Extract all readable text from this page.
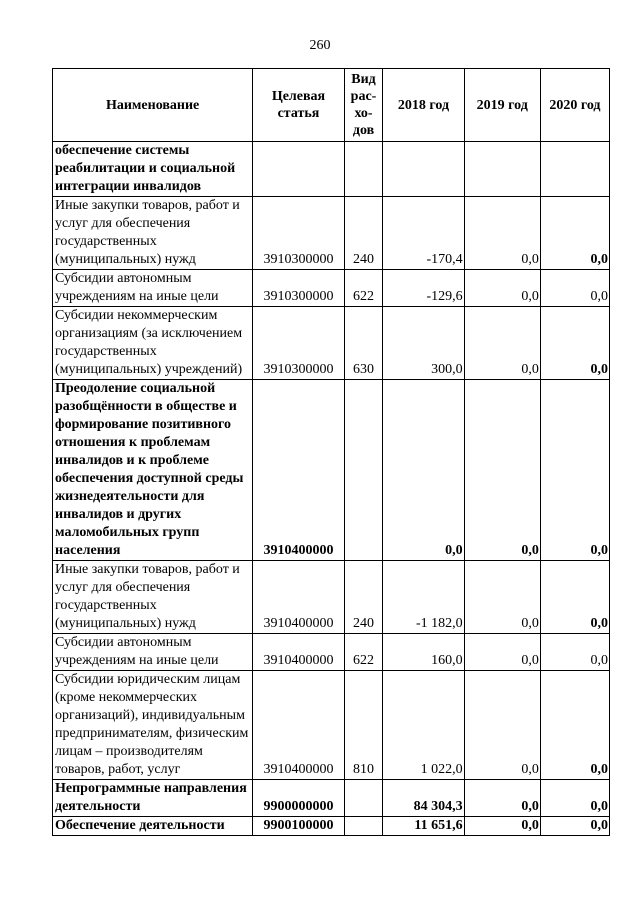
260
Наименование	Целевая статья	Вид рас- хо- дов	2018 год	2019 год	2020 год
обеспечение системы реабилитации и социальной интеграции инвалидов					
Иные закупки товаров, работ и услуг для обеспечения государственных (муниципальных) нужд	3910300000	240	-170,4	0,0	0,0
Субсидии автономным учреждениям на иные цели	3910300000	622	-129,6	0,0	0,0
Субсидии некоммерческим организациям (за исключением государственных (муниципальных) учреждений)	3910300000	630	300,0	0,0	0,0
Преодоление социальной разобщённости в обществе и формирование позитивного отношения к проблемам инвалидов и к проблеме обеспечения доступной среды жизнедеятельности для инвалидов и других маломобильных групп населения	3910400000		0,0	0,0	0,0
Иные закупки товаров, работ и услуг для обеспечения государственных (муниципальных) нужд	3910400000	240	-1 182,0	0,0	0,0
Субсидии автономным учреждениям на иные цели	3910400000	622	160,0	0,0	0,0
Субсидии юридическим лицам (кроме некоммерческих организаций), индивидуальным предпринимателям, физическим лицам – производителям товаров, работ, услуг	3910400000	810	1 022,0	0,0	0,0
Непрограммные направления деятельности	9900000000		84 304,3	0,0	0,0
Обеспечение деятельности	9900100000		11 651,6	0,0	0,0
